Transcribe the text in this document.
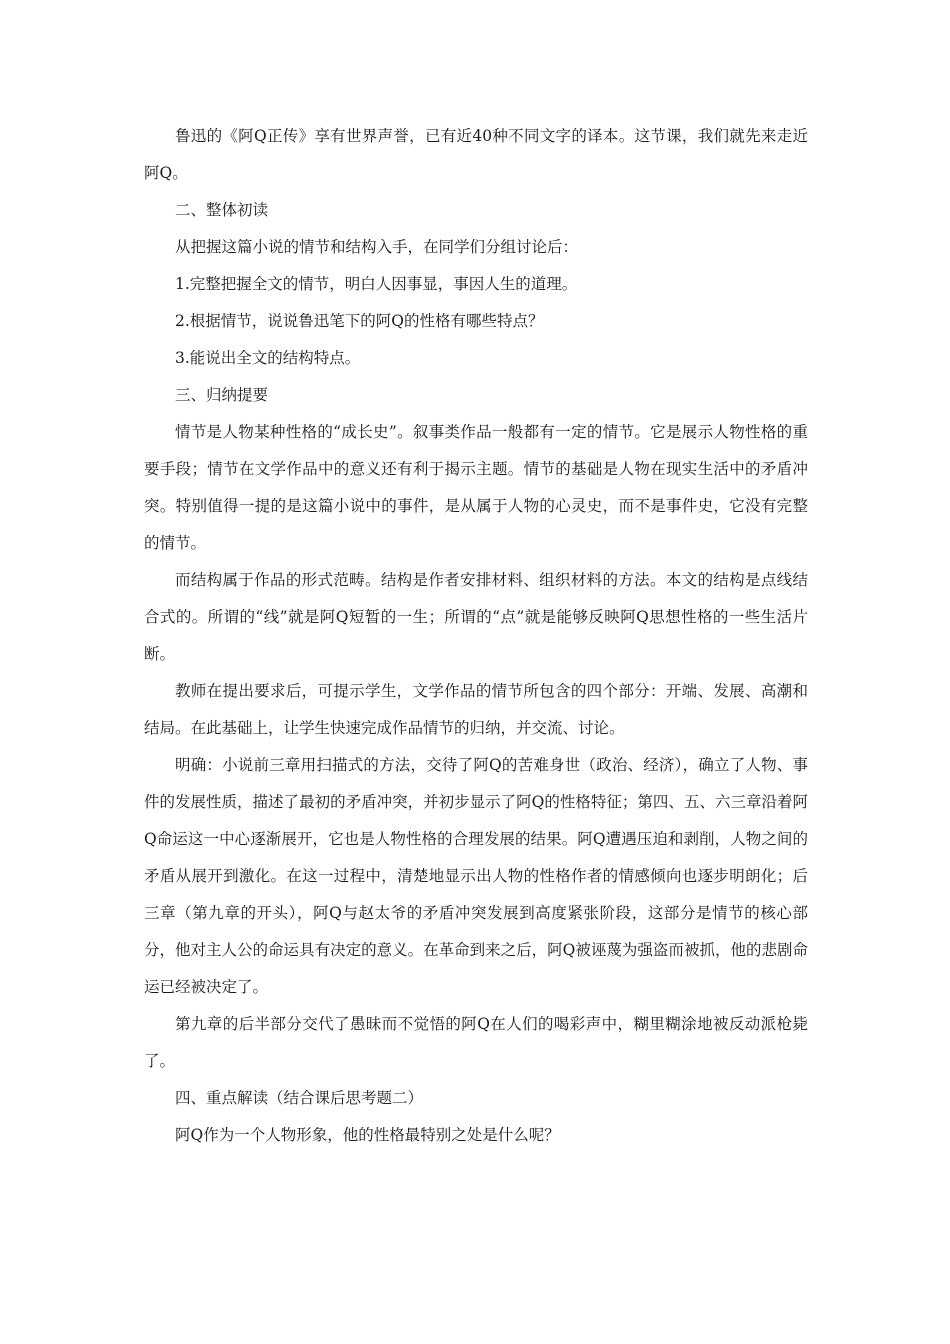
鲁迅的《阿Q正传》享有世界声誉，已有近40种不同文字的译本。这节课，我们就先来走近阿Q。

二、整体初读

从把握这篇小说的情节和结构入手，在同学们分组讨论后：

1.完整把握全文的情节，明白人因事显，事因人生的道理。

2.根据情节，说说鲁迅笔下的阿Q的性格有哪些特点？

3.能说出全文的结构特点。

三、归纳提要

情节是人物某种性格的“成长史”。叙事类作品一般都有一定的情节。它是展示人物性格的重要手段；情节在文学作品中的意义还有利于揭示主题。情节的基础是人物在现实生活中的矛盾冲突。特别值得一提的是这篇小说中的事件，是从属于人物的心灵史，而不是事件史，它没有完整的情节。

而结构属于作品的形式范畴。结构是作者安排材料、组织材料的方法。本文的结构是点线结合式的。所谓的“线”就是阿Q短暂的一生；所谓的“点”就是能够反映阿Q思想性格的一些生活片断。

教师在提出要求后，可提示学生，文学作品的情节所包含的四个部分：开端、发展、高潮和结局。在此基础上，让学生快速完成作品情节的归纳，并交流、讨论。

明确：小说前三章用扫描式的方法，交待了阿Q的苦难身世（政治、经济），确立了人物、事件的发展性质，描述了最初的矛盾冲突，并初步显示了阿Q的性格特征；第四、五、六三章沿着阿Q命运这一中心逐渐展开，它也是人物性格的合理发展的结果。阿Q遭遇压迫和剥削，人物之间的矛盾从展开到激化。在这一过程中，清楚地显示出人物的性格作者的情感倾向也逐步明朗化；后三章（第九章的开头），阿Q与赵太爷的矛盾冲突发展到高度紧张阶段，这部分是情节的核心部分，他对主人公的命运具有决定的意义。在革命到来之后，阿Q被诬蔑为强盗而被抓，他的悲剧命运已经被决定了。

第九章的后半部分交代了愚昧而不觉悟的阿Q在人们的喝彩声中，糊里糊涂地被反动派枪毙了。

四、重点解读（结合课后思考题二）

阿Q作为一个人物形象，他的性格最特别之处是什么呢？
